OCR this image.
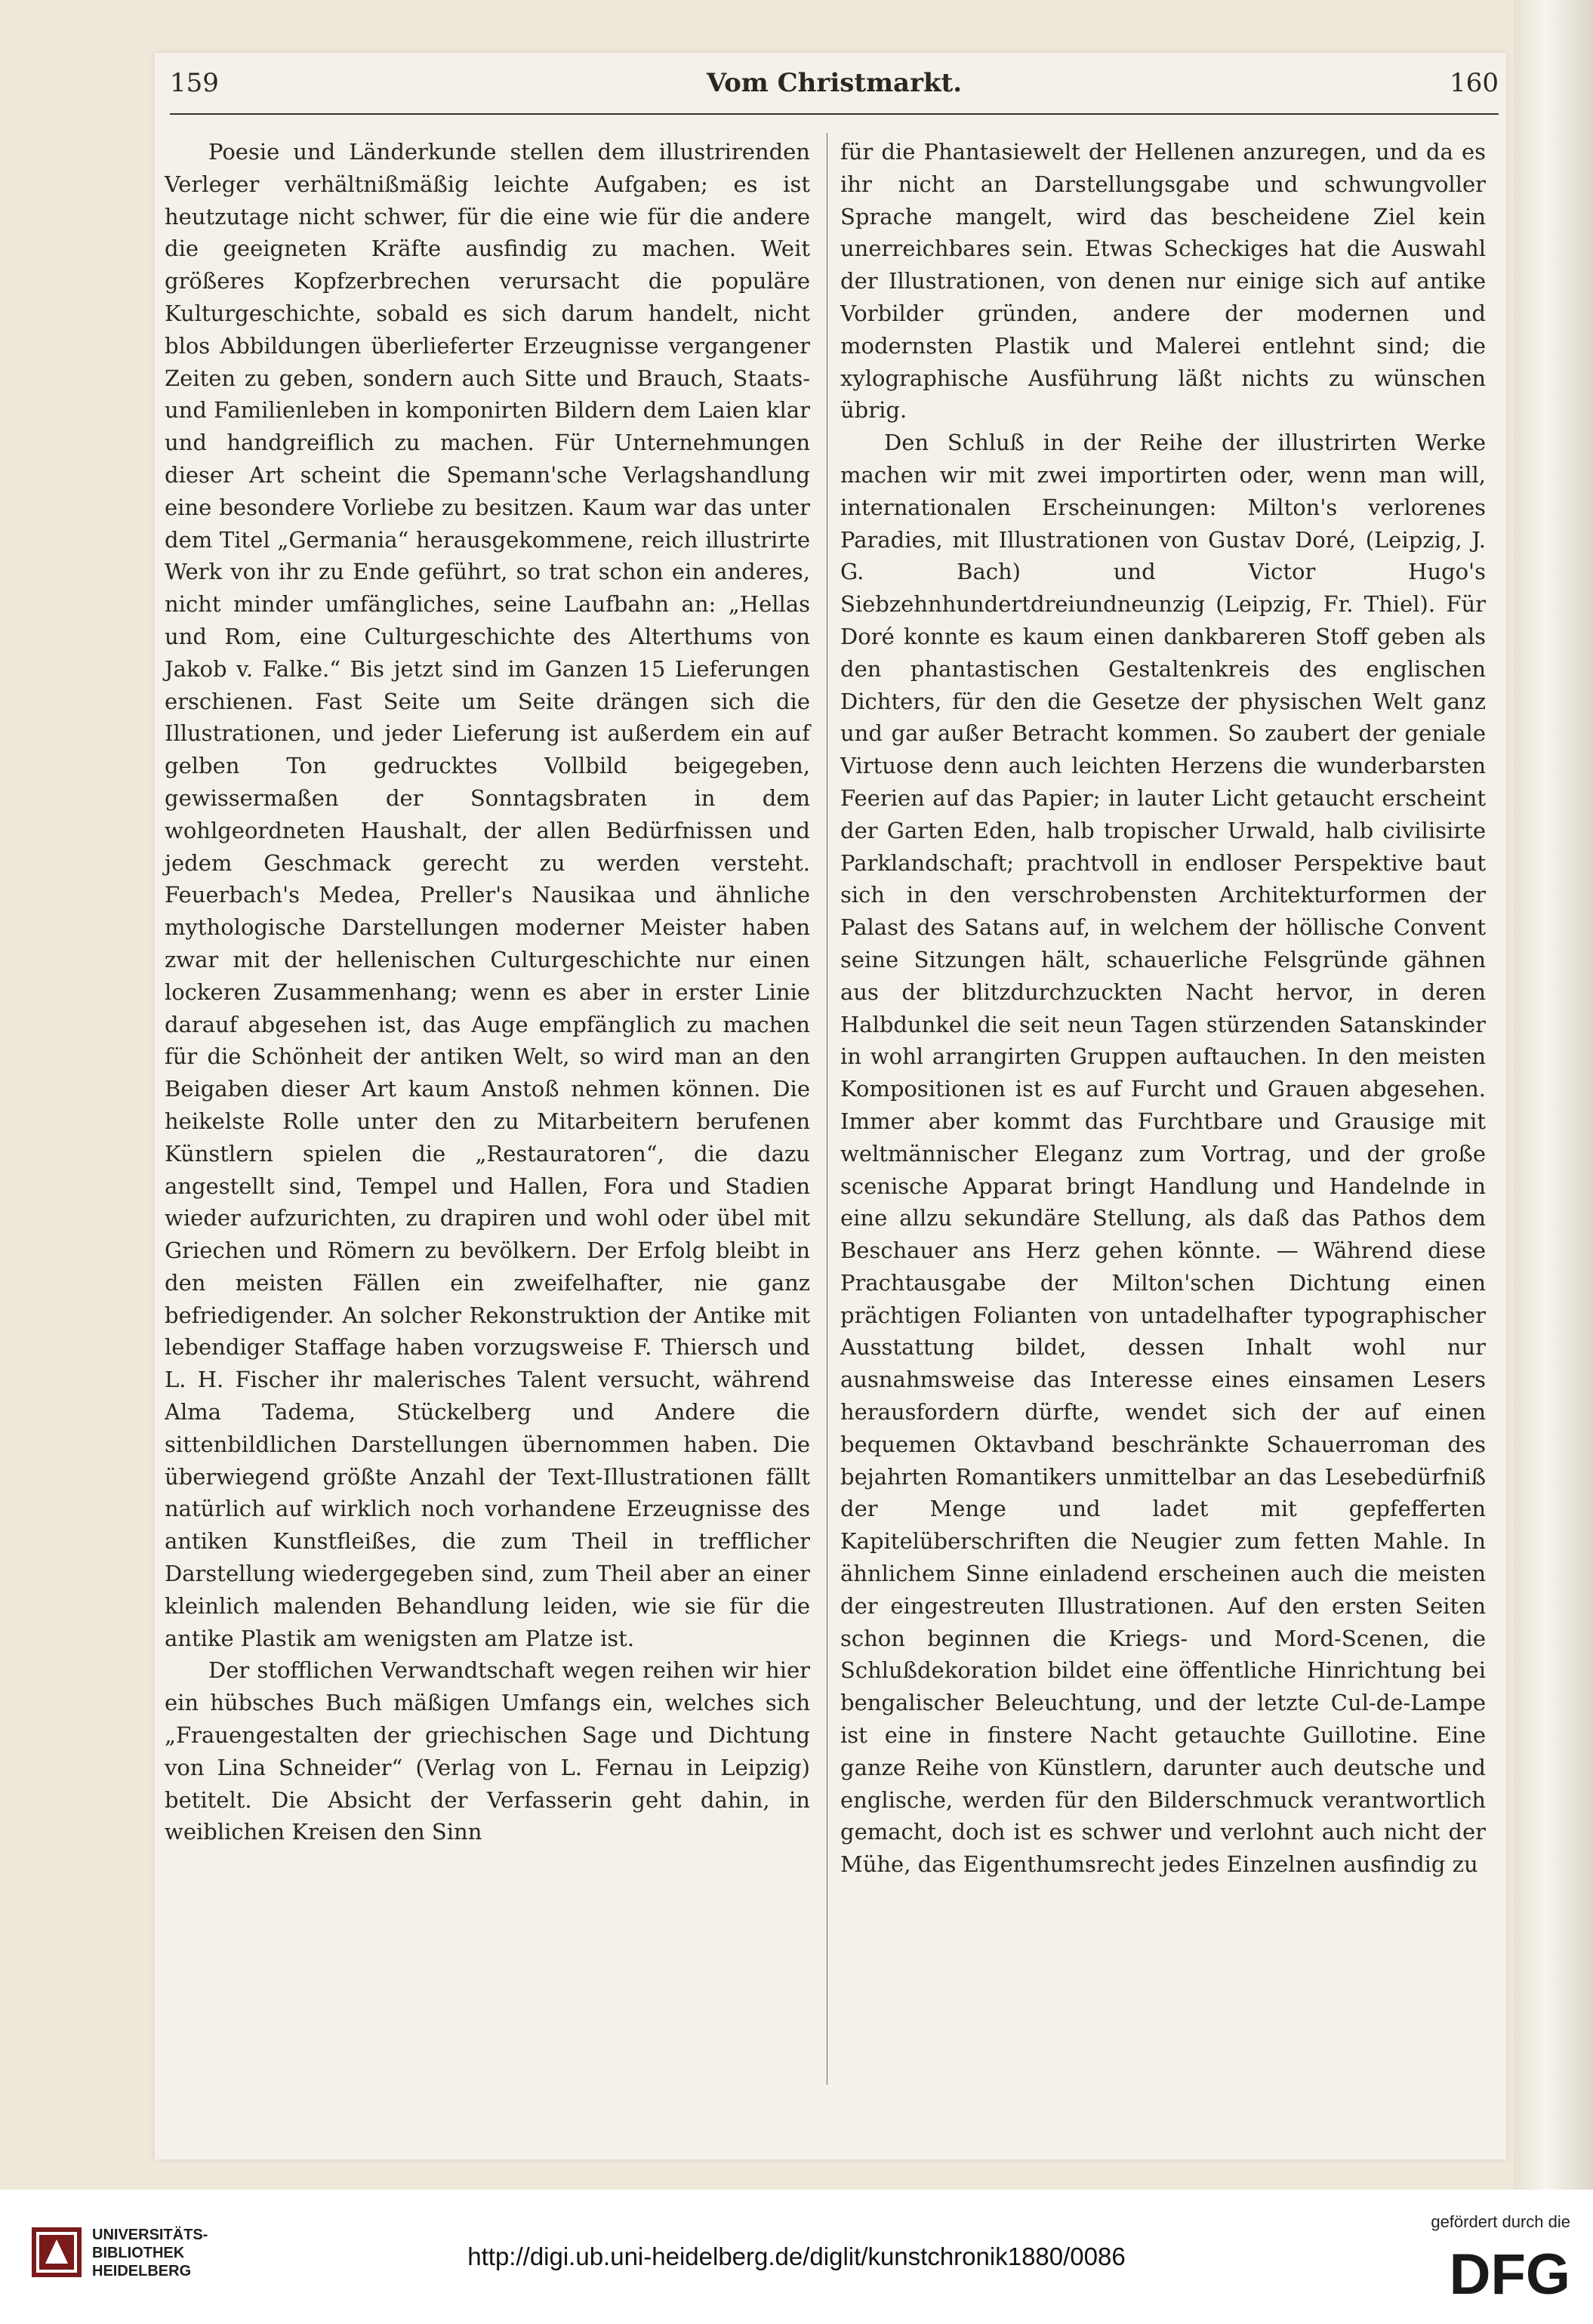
159	Vom Christmarkt.	160

Poesie und Länderkunde stellen dem illustrirenden Verleger verhältnißmäßig leichte Aufgaben; es ist heutzutage nicht schwer, für die eine wie für die andere die geeigneten Kräfte ausfindig zu machen. Weit größeres Kopfzerbrechen verursacht die populäre Kulturgeschichte, sobald es sich darum handelt, nicht blos Abbildungen überlieferter Erzeugnisse vergangener Zeiten zu geben, sondern auch Sitte und Brauch, Staats- und Familienleben in komponirten Bildern dem Laien klar und handgreiflich zu machen. Für Unternehmungen dieser Art scheint die Spemann'sche Verlagshandlung eine besondere Vorliebe zu besitzen. Kaum war das unter dem Titel „Germania“ herausgekommene, reich illustrirte Werk von ihr zu Ende geführt, so trat schon ein anderes, nicht minder umfängliches, seine Laufbahn an: „Hellas und Rom, eine Culturgeschichte des Alterthums von Jakob v. Falke.“ Bis jetzt sind im Ganzen 15 Lieferungen erschienen. Fast Seite um Seite drängen sich die Illustrationen, und jeder Lieferung ist außerdem ein auf gelben Ton gedrucktes Vollbild beigegeben, gewissermaßen der Sonntagsbraten in dem wohlgeordneten Haushalt, der allen Bedürfnissen und jedem Geschmack gerecht zu werden versteht. Feuerbach's Medea, Preller's Nausikaa und ähnliche mythologische Darstellungen moderner Meister haben zwar mit der hellenischen Culturgeschichte nur einen lockeren Zusammenhang; wenn es aber in erster Linie darauf abgesehen ist, das Auge empfänglich zu machen für die Schönheit der antiken Welt, so wird man an den Beigaben dieser Art kaum Anstoß nehmen können. Die heikelste Rolle unter den zu Mitarbeitern berufenen Künstlern spielen die „Restauratoren“, die dazu angestellt sind, Tempel und Hallen, Fora und Stadien wieder aufzurichten, zu drapiren und wohl oder übel mit Griechen und Römern zu bevölkern. Der Erfolg bleibt in den meisten Fällen ein zweifelhafter, nie ganz befriedigender. An solcher Rekonstruktion der Antike mit lebendiger Staffage haben vorzugsweise F. Thiersch und L. H. Fischer ihr malerisches Talent versucht, während Alma Tadema, Stückelberg und Andere die sittenbildlichen Darstellungen übernommen haben. Die überwiegend größte Anzahl der Text-Illustrationen fällt natürlich auf wirklich noch vorhandene Erzeugnisse des antiken Kunstfleißes, die zum Theil in trefflicher Darstellung wiedergegeben sind, zum Theil aber an einer kleinlich malenden Behandlung leiden, wie sie für die antike Plastik am wenigsten am Platze ist.

Der stofflichen Verwandtschaft wegen reihen wir hier ein hübsches Buch mäßigen Umfangs ein, welches sich „Frauengestalten der griechischen Sage und Dichtung von Lina Schneider“ (Verlag von L. Fernau in Leipzig) betitelt. Die Absicht der Verfasserin geht dahin, in weiblichen Kreisen den Sinn

für die Phantasiewelt der Hellenen anzuregen, und da es ihr nicht an Darstellungsgabe und schwungvoller Sprache mangelt, wird das bescheidene Ziel kein unerreichbares sein. Etwas Scheckiges hat die Auswahl der Illustrationen, von denen nur einige sich auf antike Vorbilder gründen, andere der modernen und modernsten Plastik und Malerei entlehnt sind; die xylographische Ausführung läßt nichts zu wünschen übrig.

Den Schluß in der Reihe der illustrirten Werke machen wir mit zwei importirten oder, wenn man will, internationalen Erscheinungen: Milton's verlorenes Paradies, mit Illustrationen von Gustav Doré, (Leipzig, J. G. Bach) und Victor Hugo's Siebzehnhundertdreiundneunzig (Leipzig, Fr. Thiel). Für Doré konnte es kaum einen dankbareren Stoff geben als den phantastischen Gestaltenkreis des englischen Dichters, für den die Gesetze der physischen Welt ganz und gar außer Betracht kommen. So zaubert der geniale Virtuose denn auch leichten Herzens die wunderbarsten Feerien auf das Papier; in lauter Licht getaucht erscheint der Garten Eden, halb tropischer Urwald, halb civilisirte Parklandschaft; prachtvoll in endloser Perspektive baut sich in den verschrobensten Architekturformen der Palast des Satans auf, in welchem der höllische Convent seine Sitzungen hält, schauerliche Felsgründe gähnen aus der blitzdurchzuckten Nacht hervor, in deren Halbdunkel die seit neun Tagen stürzenden Satanskinder in wohl arrangirten Gruppen auftauchen. In den meisten Kompositionen ist es auf Furcht und Grauen abgesehen. Immer aber kommt das Furchtbare und Grausige mit weltmännischer Eleganz zum Vortrag, und der große scenische Apparat bringt Handlung und Handelnde in eine allzu sekundäre Stellung, als daß das Pathos dem Beschauer ans Herz gehen könnte. — Während diese Prachtausgabe der Milton'schen Dichtung einen prächtigen Folianten von untadelhafter typographischer Ausstattung bildet, dessen Inhalt wohl nur ausnahmsweise das Interesse eines einsamen Lesers herausfordern dürfte, wendet sich der auf einen bequemen Oktavband beschränkte Schauerroman des bejahrten Romantikers unmittelbar an das Lesebedürfniß der Menge und ladet mit gepfefferten Kapitelüberschriften die Neugier zum fetten Mahle. In ähnlichem Sinne einladend erscheinen auch die meisten der eingestreuten Illustrationen. Auf den ersten Seiten schon beginnen die Kriegs- und Mord-Scenen, die Schlußdekoration bildet eine öffentliche Hinrichtung bei bengalischer Beleuchtung, und der letzte Cul-de-Lampe ist eine in finstere Nacht getauchte Guillotine. Eine ganze Reihe von Künstlern, darunter auch deutsche und englische, werden für den Bilderschmuck verantwortlich gemacht, doch ist es schwer und verlohnt auch nicht der Mühe, das Eigenthumsrecht jedes Einzelnen ausfindig zu

UNIVERSITÄTS-
BIBLIOTHEK
HEIDELBERG
http://digi.ub.uni-heidelberg.de/diglit/kunstchronik1880/0086
gefördert durch die
DFG
